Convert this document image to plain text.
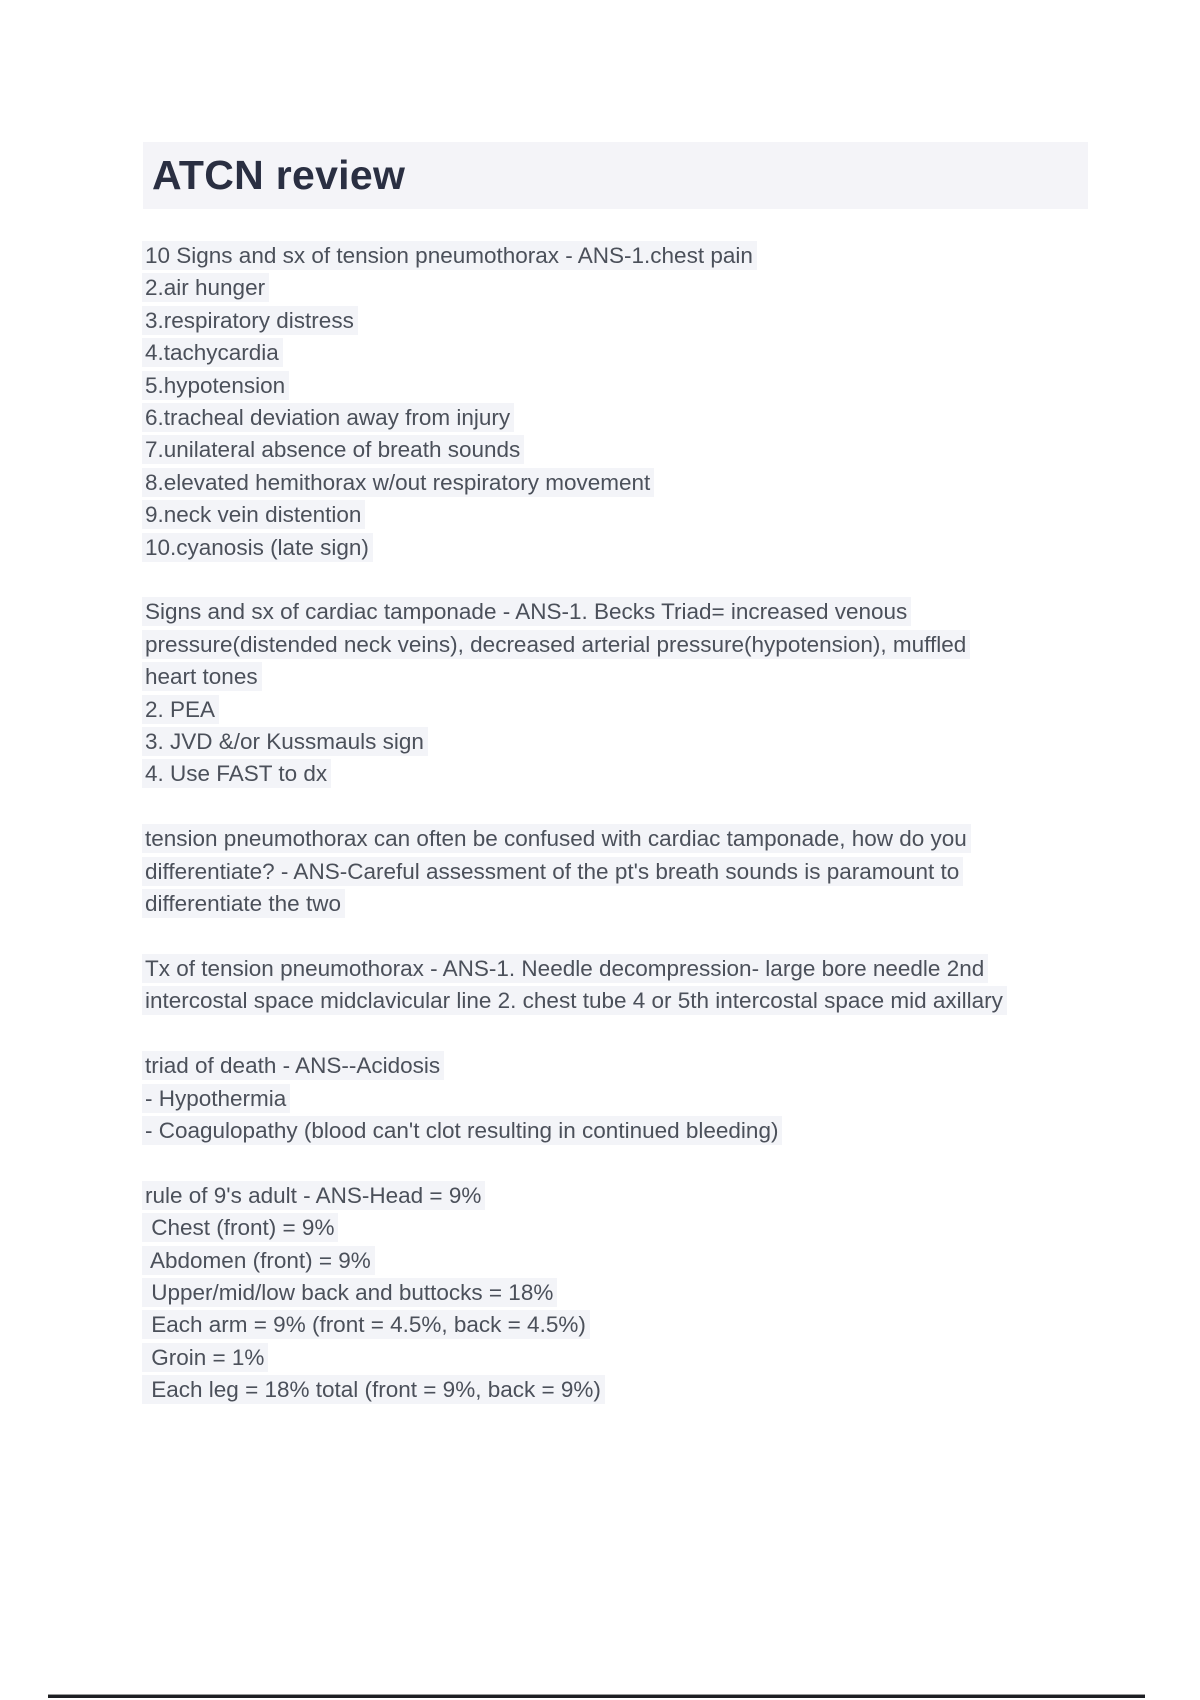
ATCN review
10 Signs and sx of tension pneumothorax - ANS-1.chest pain
2.air hunger
3.respiratory distress
4.tachycardia
5.hypotension
6.tracheal deviation away from injury
7.unilateral absence of breath sounds
8.elevated hemithorax w/out respiratory movement
9.neck vein distention
10.cyanosis (late sign)
Signs and sx of cardiac tamponade - ANS-1. Becks Triad= increased venous
pressure(distended neck veins), decreased arterial pressure(hypotension), muffled
heart tones
2. PEA
3. JVD &/or Kussmauls sign
4. Use FAST to dx
tension pneumothorax can often be confused with cardiac tamponade, how do you
differentiate? - ANS-Careful assessment of the pt's breath sounds is paramount to
differentiate the two
Tx of tension pneumothorax - ANS-1. Needle decompression- large bore needle 2nd
intercostal space midclavicular line 2. chest tube 4 or 5th intercostal space mid axillary
triad of death - ANS--Acidosis
- Hypothermia
- Coagulopathy (blood can't clot resulting in continued bleeding)
rule of 9's adult - ANS-Head = 9%
Chest (front) = 9%
Abdomen (front) = 9%
Upper/mid/low back and buttocks = 18%
Each arm = 9% (front = 4.5%, back = 4.5%)
Groin = 1%
Each leg = 18% total (front = 9%, back = 9%)
